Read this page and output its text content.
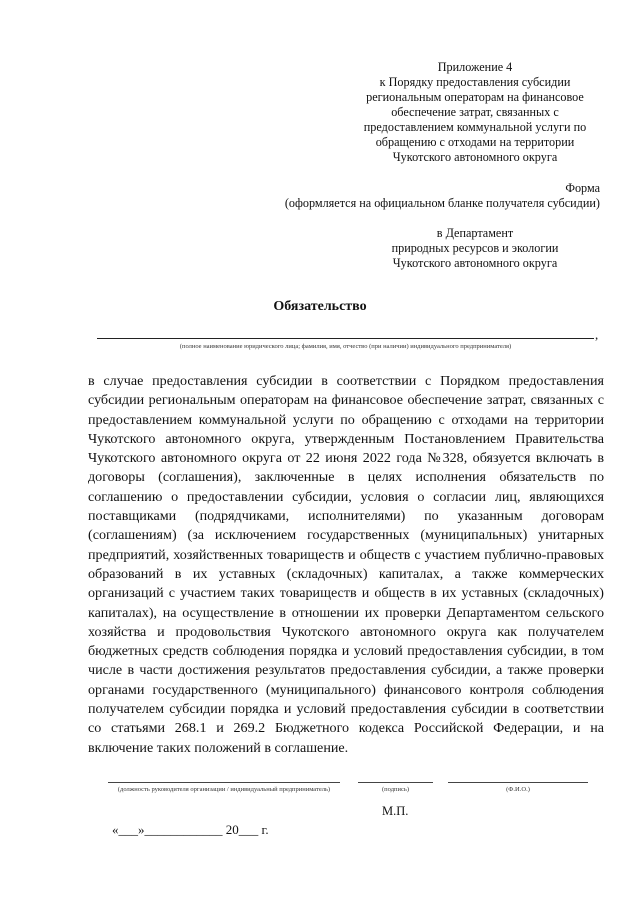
Приложение 4
к Порядку предоставления субсидии
региональным операторам на финансовое
обеспечение затрат, связанных с
предоставлением коммунальной услуги по
обращению с отходами на территории
Чукотского автономного округа
Форма
(оформляется на официальном бланке получателя субсидии)
в Департамент
природных ресурсов и экологии
Чукотского автономного округа
Обязательство
,
(полное наименование юридического лица; фамилия, имя, отчество (при наличии) индивидуального предпринимателя)
в случае предоставления субсидии в соответствии с Порядком предоставления субсидии региональным операторам на финансовое обеспечение затрат, связанных с предоставлением коммунальной услуги по обращению с отходами на территории Чукотского автономного округа, утвержденным Постановлением Правительства Чукотского автономного округа от 22 июня 2022 года №328, обязуется включать в договоры (соглашения), заключенные в целях исполнения обязательств по соглашению о предоставлении субсидии, условия о согласии лиц, являющихся поставщиками (подрядчиками, исполнителями) по указанным договорам (соглашениям) (за исключением государственных (муниципальных) унитарных предприятий, хозяйственных товариществ и обществ с участием публично-правовых образований в их уставных (складочных) капиталах, а также коммерческих организаций с участием таких товариществ и обществ в их уставных (складочных) капиталах), на осуществление в отношении их проверки Департаментом сельского хозяйства и продовольствия Чукотского автономного округа как получателем бюджетных средств соблюдения порядка и условий предоставления субсидии, в том числе в части достижения результатов предоставления субсидии, а также проверки органами государственного (муниципального) финансового контроля соблюдения получателем субсидии порядка и условий предоставления субсидии в соответствии со статьями 268.1 и 269.2 Бюджетного кодекса Российской Федерации, и на включение таких положений в соглашение.
(должность руководителя организации / индивидуальный предприниматель)	(подпись)	(Ф.И.О.)
М.П.
«___»____________ 20___ г.
